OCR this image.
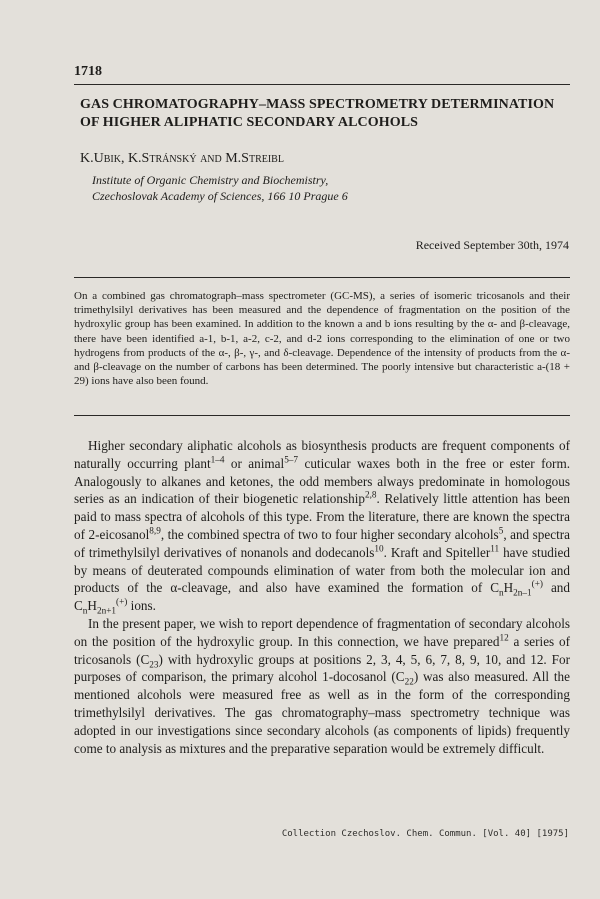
1718
GAS CHROMATOGRAPHY–MASS SPECTROMETRY DETERMINATION OF HIGHER ALIPHATIC SECONDARY ALCOHOLS
K.Ubik, K.Stránský and M.Streibl
Institute of Organic Chemistry and Biochemistry,
Czechoslovak Academy of Sciences, 166 10 Prague 6
Received September 30th, 1974
On a combined gas chromatograph–mass spectrometer (GC-MS), a series of isomeric tricosanols and their trimethylsilyl derivatives has been measured and the dependence of fragmentation on the position of the hydroxylic group has been examined. In addition to the known a and b ions resulting by the α- and β-cleavage, there have been identified a-1, b-1, a-2, c-2, and d-2 ions corresponding to the elimination of one or two hydrogens from products of the α-, β-, γ-, and δ-cleavage. Dependence of the intensity of products from the α- and β-cleavage on the number of carbons has been determined. The poorly intensive but characteristic a-(18 + 29) ions have also been found.

Higher secondary aliphatic alcohols as biosynthesis products are frequent components of naturally occurring plant$^{1-4}$ or animal$^{5-7}$ cuticular waxes both in the free or ester form. Analogously to alkanes and ketones, the odd members always predominate in homologous series as an indication of their biogenetic relationship$^{2,8}$. Relatively little attention has been paid to mass spectra of alcohols of this type. From the literature, there are known the spectra of 2-eicosanol$^{8,9}$, the combined spectra of two to four higher secondary alcohols$^5$, and spectra of trimethylsilyl derivatives of nonanols and dodecanols$^{10}$. Kraft and Spiteller$^{11}$ have studied by means of deuterated compounds elimination of water from both the molecular ion and products of the α-cleavage, and also have examined the formation of $C_nH_{2n-1}^{(+)}$ and $C_nH_{2n+1}^{(+)}$ ions.

In the present paper, we wish to report dependence of fragmentation of secondary alcohols on the position of the hydroxylic group. In this connection, we have prepared$^{12}$ a series of tricosanols $(C_{23})$ with hydroxylic groups at positions 2, 3, 4, 5, 6, 7, 8, 9, 10, and 12. For purposes of comparison, the primary alcohol 1-docosanol $(C_{22})$ was also measured. All the mentioned alcohols were measured free as well as in the form of the corresponding trimethylsilyl derivatives. The gas chromatography–mass spectrometry technique was adopted in our investigations since secondary alcohols (as components of lipids) frequently come to analysis as mixtures and the preparative separation would be extremely difficult.

Collection Czechoslov. Chem. Commun. [Vol. 40] [1975]
